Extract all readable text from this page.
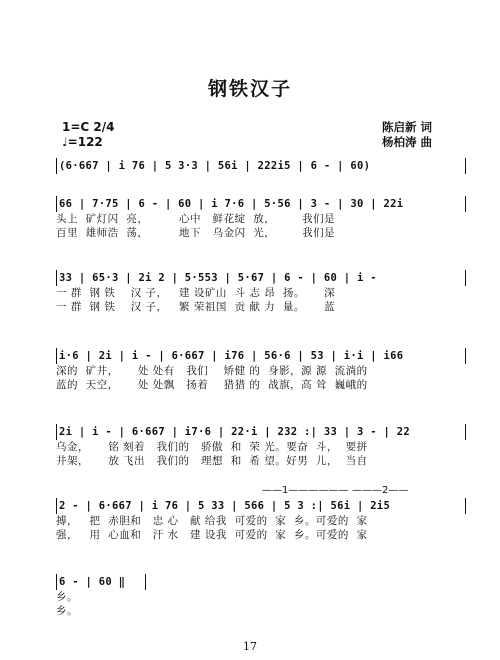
钢铁汉子
1=C 2/4
♩=122
陈启新 词
杨柏涛 曲
(6·667 | i 76 | 5 3·3 | 56i | 222i5 | 6 - | 60)
66 | 7·75 | 6 - | 60 | i 7·6 | 5·56 | 3 - | 30 | 22i
头上  矿灯闪  亮，        心中   鲜花绽  放，       我们是
百里  雄师浩  荡，        地下   乌金闪  光，       我们是
33 | 65·3 | 2i 2 | 5·553 | 5·67 | 6 - | 60 | i -
一 群  钢 铁    汉 子，   建 设矿山  斗 志 昂  扬。     深
一 群  钢 铁    汉 子，   繁 荣祖国  贡 献 力  量。     蓝
i·6 | 2i | i - | 6·667 | i76 | 56·6 | 53 | i·i | i66
深的  矿井，     处 处有   我们    矫健 的  身影，源 源  流淌的
蓝的  天空，     处 处飘   扬着    猎猎 的  战旗，高 耸  巍峨的
2i | i - | 6·667 | i7·6 | 22·i | 232 :| 33 | 3 - | 22
乌金，     铭 刻着   我们的   骄傲  和  荣 光。要奋  斗，  要拼
井架，     放 飞出   我们的   理想  和  希 望。好男  儿，  当自
——1—————— ———2——
2 - | 6·667 | i 76 | 5 33 | 566 | 5 3 :| 56i | 2i5
搏，   把  赤胆和   忠 心   献 给我  可爱的  家  乡。可爱的  家
强，   用  心血和   汗 水   建 设我  可爱的  家  乡。可爱的  家
6 - | 60 ‖
乡。
乡。
17
